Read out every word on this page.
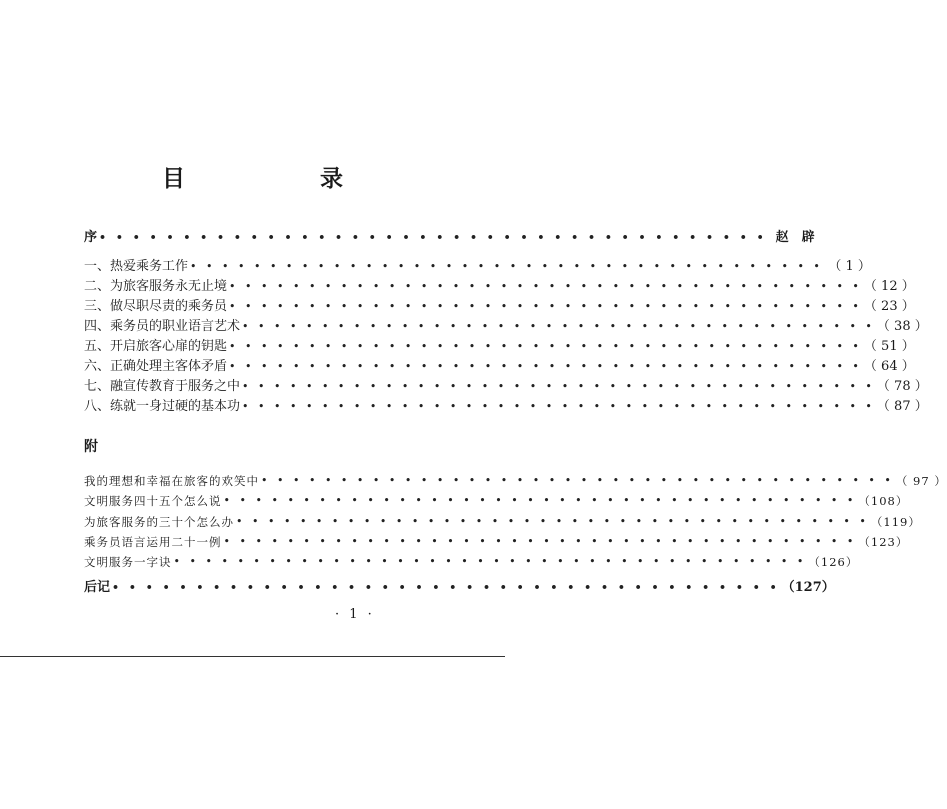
目　录
序 • • • • • • • • • • • • • • • • • • • • • • • • • • • • • • • • • • • • • • • • 赵　辟
一、热爱乘务工作 • • • • • • • • • • • • • • • • • • • • • • • • • • • • • • • • • • • • • • • • （ 1 ）
二、为旅客服务永无止境 • • • • • • • • • • • • • • • • • • • • • • • • • • • • • • • • • • • • • • • • （ 12 ）
三、做尽职尽责的乘务员 • • • • • • • • • • • • • • • • • • • • • • • • • • • • • • • • • • • • • • • • （ 23 ）
四、乘务员的职业语言艺术 • • • • • • • • • • • • • • • • • • • • • • • • • • • • • • • • • • • • • • • • （ 38 ）
五、开启旅客心扉的钥匙 • • • • • • • • • • • • • • • • • • • • • • • • • • • • • • • • • • • • • • • • （ 51 ）
六、正确处理主客体矛盾 • • • • • • • • • • • • • • • • • • • • • • • • • • • • • • • • • • • • • • • • （ 64 ）
七、融宣传教育于服务之中 • • • • • • • • • • • • • • • • • • • • • • • • • • • • • • • • • • • • • • • • （ 78 ）
八、练就一身过硬的基本功 • • • • • • • • • • • • • • • • • • • • • • • • • • • • • • • • • • • • • • • • （ 87 ）
附
我的理想和幸福在旅客的欢笑中 • • • • • • • • • • • • • • • • • • • • • • • • • • • • • • • • • • • • • • • • （ 97 ）
文明服务四十五个怎么说 • • • • • • • • • • • • • • • • • • • • • • • • • • • • • • • • • • • • • • • • （108）
为旅客服务的三十个怎么办 • • • • • • • • • • • • • • • • • • • • • • • • • • • • • • • • • • • • • • • • （119）
乘务员语言运用二十一例 • • • • • • • • • • • • • • • • • • • • • • • • • • • • • • • • • • • • • • • • （123）
文明服务一字诀 • • • • • • • • • • • • • • • • • • • • • • • • • • • • • • • • • • • • • • • • （126）
后记 • • • • • • • • • • • • • • • • • • • • • • • • • • • • • • • • • • • • • • • • （127）
· 1 ·
